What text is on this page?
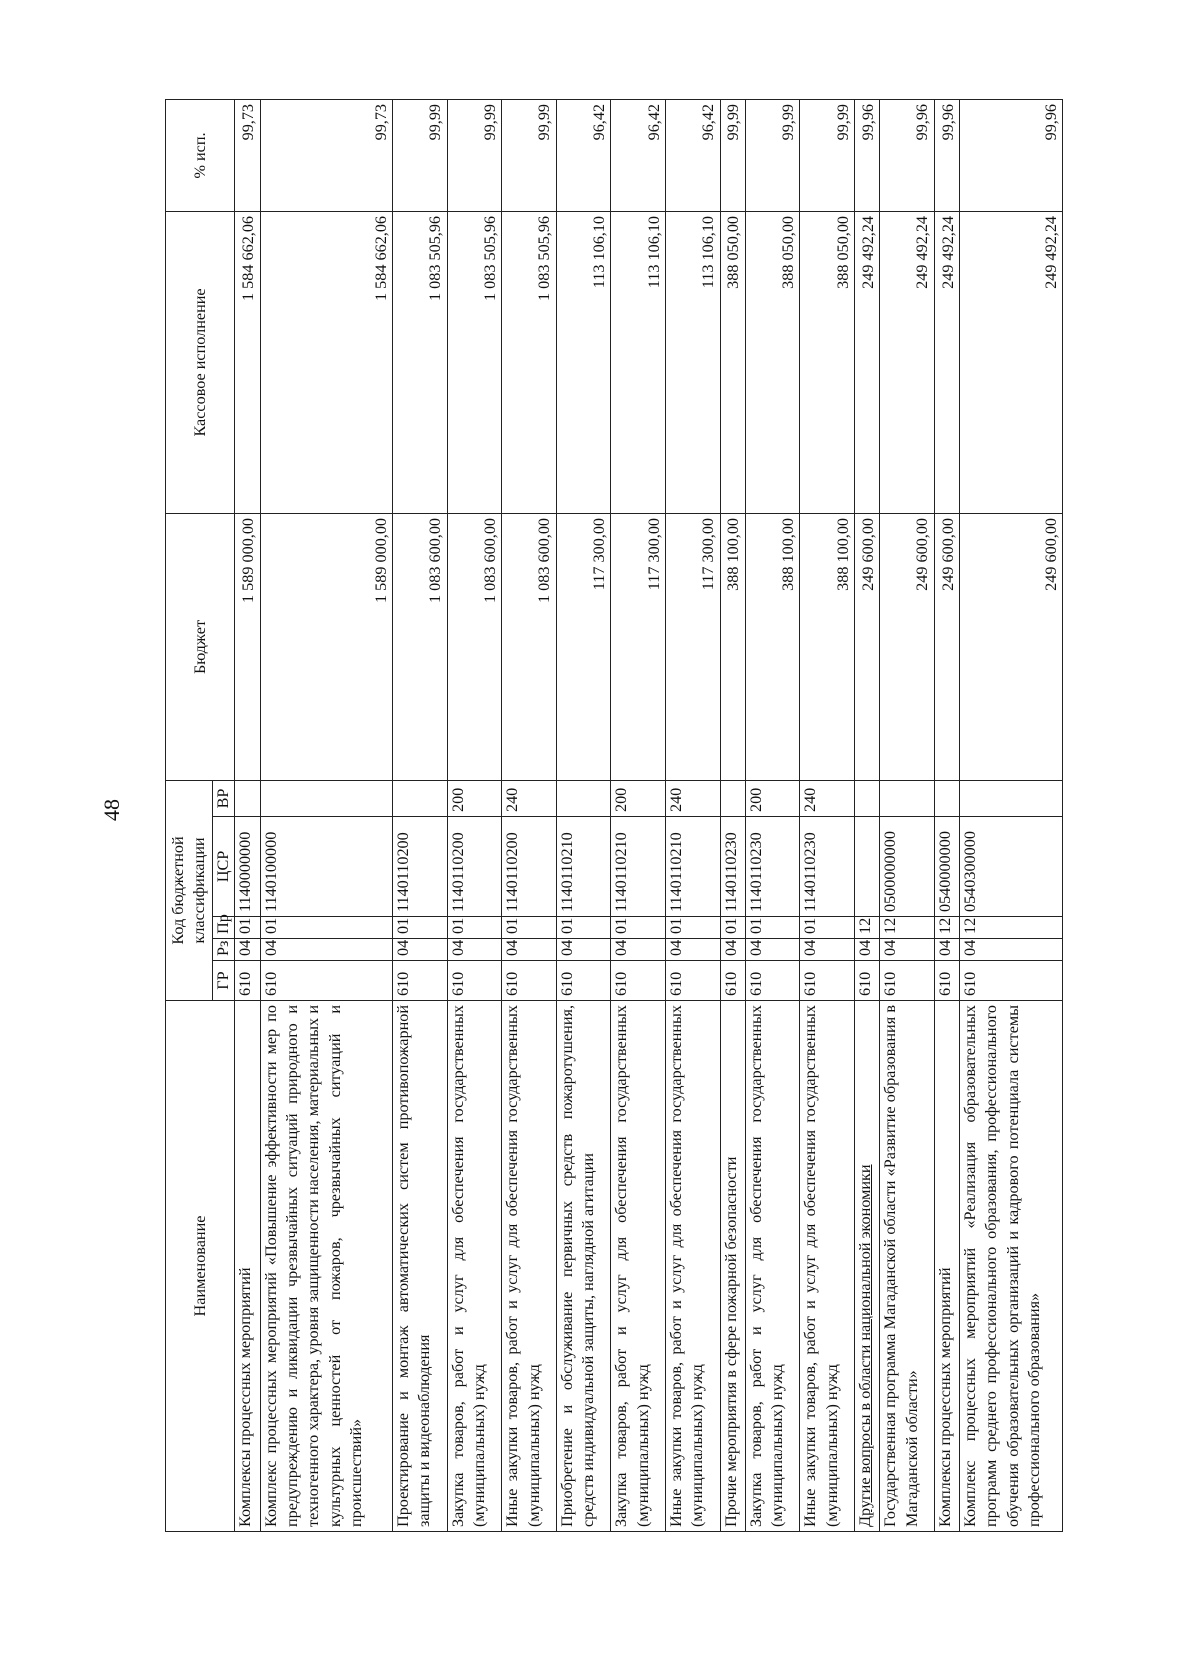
48
Наименование	Код бюджетной классификации					Бюджет	Кассовое исполнение	% исп.

	ГР	Рз	Пр	ЦСР	ВР			
Комплексы процессных мероприятий	610	04	01	1140000000		1 589 000,00	1 584 662,06	99,73
Комплекс процессных мероприятий «Повышение эффективности мер по предупреждению и ликвидации чрезвычайных ситуаций природного и техногенного характера, уровня защищенности населения, материальных и культурных ценностей от пожаров, чрезвычайных ситуаций и происшествий»	610	04	01	1140100000		1 589 000,00	1 584 662,06	99,73
Проектирование и монтаж автоматических систем противопожарной защиты и видеонаблюдения	610	04	01	1140110200		1 083 600,00	1 083 505,96	99,99
Закупка товаров, работ и услуг для обеспечения государственных (муниципальных) нужд	610	04	01	1140110200	200	1 083 600,00	1 083 505,96	99,99
Иные закупки товаров, работ и услуг для обеспечения государственных (муниципальных) нужд	610	04	01	1140110200	240	1 083 600,00	1 083 505,96	99,99
Приобретение и обслуживание первичных средств пожаротушения, средств индивидуальной защиты, наглядной агитации	610	04	01	1140110210		117 300,00	113 106,10	96,42
Закупка товаров, работ и услуг для обеспечения государственных (муниципальных) нужд	610	04	01	1140110210	200	117 300,00	113 106,10	96,42
Иные закупки товаров, работ и услуг для обеспечения государственных (муниципальных) нужд	610	04	01	1140110210	240	117 300,00	113 106,10	96,42
Прочие мероприятия в сфере пожарной безопасности	610	04	01	1140110230		388 100,00	388 050,00	99,99
Закупка товаров, работ и услуг для обеспечения государственных (муниципальных) нужд	610	04	01	1140110230	200	388 100,00	388 050,00	99,99
Иные закупки товаров, работ и услуг для обеспечения государственных (муниципальных) нужд	610	04	01	1140110230	240	388 100,00	388 050,00	99,99
Другие вопросы в области национальной экономики	610	04	12			249 600,00	249 492,24	99,96
Государственная программа Магаданской области «Развитие образования в Магаданской области»	610	04	12	0500000000		249 600,00	249 492,24	99,96
Комплексы процессных мероприятий	610	04	12	0540000000		249 600,00	249 492,24	99,96
Комплекс процессных мероприятий «Реализация образовательных программ среднего профессионального образования, профессионального обучения образовательных организаций и кадрового потенциала системы профессионального образования»	610	04	12	0540300000		249 600,00	249 492,24	99,96
